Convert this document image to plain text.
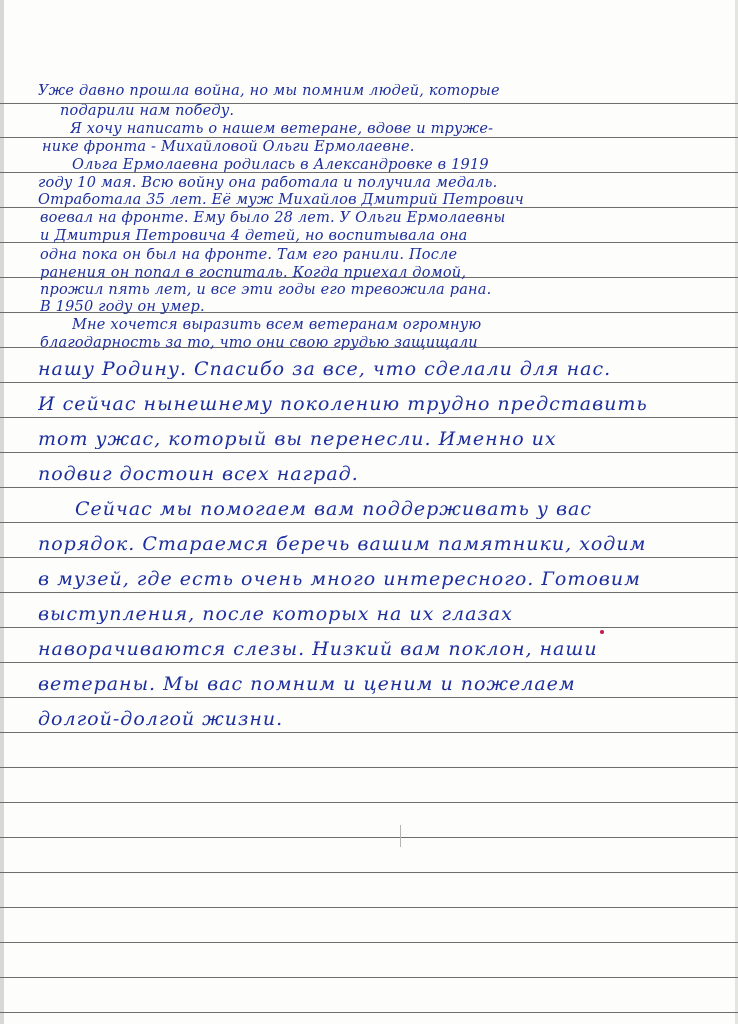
Уже давно прошла война, но мы помним людей, которые
подарили нам победу.
Я хочу написать о нашем ветеране, вдове и труже-
нике фронта - Михайловой Ольги Ермолаевне.
Ольга Ермолаевна родилась в Александровке в 1919
году 10 мая. Всю войну она работала и получила медаль.
Отработала 35 лет. Её муж Михайлов Дмитрий Петрович
воевал на фронте. Ему было 28 лет. У Ольги Ермолаевны
и Дмитрия Петровича 4 детей, но воспитывала она
одна пока он был на фронте. Там его ранили. После
ранения он попал в госпиталь. Когда приехал домой,
прожил пять лет, и все эти годы его тревожила рана.
В 1950 году он умер.
Мне хочется выразить всем ветеранам огромную
благодарность за то, что они свою грудью защищали
нашу Родину. Спасибо за все, что сделали для нас.
И сейчас нынешнему поколению трудно представить
тот ужас, который вы перенесли. Именно их
подвиг достоин всех наград.
Сейчас мы помогаем вам поддерживать у вас
порядок. Стараемся беречь вашим памятники, ходим
в музей, где есть очень много интересного. Готовим
выступления, после которых на их глазах
наворачиваются слезы. Низкий вам поклон, наши
ветераны. Мы вас помним и ценим и пожелаем
долгой-долгой жизни.
